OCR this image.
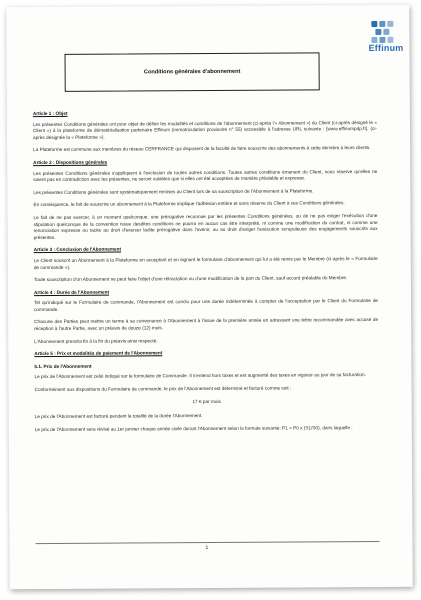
Effinum
Conditions générales d'abonnement
Article 1 : Objet

Les présentes Conditions générales ont pour objet de définir les modalités et conditions de l'abonnement (ci-après l'« Abonnement ») du Client (ci-après désigné le « Client ») à la plateforme de dématérialisation partenaire Effinum (immatriculation provisoire n° 55) accessible à l'adresse URL suivante : [www.effinumpdp.fr]. (ci-après désignée la « Plateforme »).

La Plateforme est commune aux membres du réseau CERFRANCE qui disposent de la faculté de faire souscrire des abonnements à cette dernière à leurs clients.

Article 2 : Dispositions générales

Les présentes Conditions générales s'appliquent à l'exclusion de toutes autres conditions. Toutes autres conditions émanant du Client, sous réserve qu'elles ne soient pas en contradiction avec les présentes, ne seront valables que si elles ont été acceptées de manière préalable et expresse.

Les présentes Conditions générales sont systématiquement remises au Client lors de sa souscription de l'Abonnement à la Plateforme.

En conséquence, le fait de souscrire un abonnement à la Plateforme implique l'adhésion entière et sans réserve du Client à ces Conditions générales.

Le fait de ne pas exercer, à un moment quelconque, une prérogative reconnue par les présentes Conditions générales, ou de ne pas exiger l'exécution d'une stipulation quelconque de la convention issue desdites conditions ne pourra en aucun cas être interprété, ni comme une modification du contrat, ni comme une renonciation expresse ou tacite au droit d'exercer ladite prérogative dans l'avenir, ou au droit d'exiger l'exécution scrupuleuse des engagements souscrits aux présentes.

Article 3 : Conclusion de l'Abonnement

Le Client souscrit un Abonnement à la Plateforme en acceptant et en signant le formulaire d'abonnement qui lui a été remis par le Membre (ci-après le « Formulaire de commande »).

Toute souscription d'un Abonnement ne peut faire l'objet d'une rétractation ou d'une modification de la part du Client, sauf accord préalable du Membre.

Article 4 : Durée de l'Abonnement

Tel qu'indiqué sur le Formulaire de commande, l'Abonnement est conclu pour une durée indéterminée à compter de l'acceptation par le Client du Formulaire de commande.

Chacune des Parties peut mettre un terme à sa convenance à l'Abonnement à l'issue de la première année en adressant une lettre recommandée avec accusé de réception à l'autre Partie, avec un préavis de douze (12) mois.

L'Abonnement prendra fin à la fin du préavis ainsi respecté.

Article 5 : Prix et modalités de paiement de l'Abonnement
5.1. Prix de l'Abonnement

Le prix de l'Abonnement est celui indiqué sur le formulaire de Commande. Il s'entend hors taxes et est augmenté des taxes en vigueur au jour de sa facturation.

Conformément aux dispositions du Formulaire de commande, le prix de l'Abonnement est déterminé et facturé comme suit :

17 € par mois

Le prix de l'Abonnement est facturé pendant la totalité de la durée l'Abonnement.

Le prix de l'Abonnement sera révisé au 1er janvier chaque année civile durant l'Abonnement selon la formule suivante: P1 = P0 x (S1/S0), dans laquelle :

1
